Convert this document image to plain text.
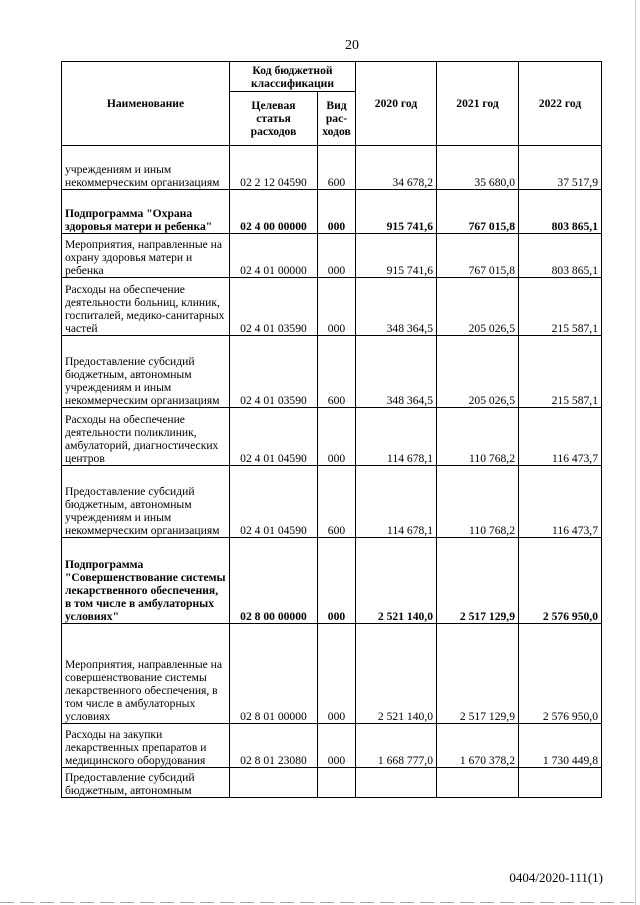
20
Наименование	Код бюджетной классификации		2020 год	2021 год	2022 год
	Целевая статья расходов	Вид рас-ходов			
учреждениям и иным некоммерческим организациям	02 2 12 04590	600	34 678,2	35 680,0	37 517,9
Подпрограмма "Охрана здоровья матери и ребенка"	02 4 00 00000	000	915 741,6	767 015,8	803 865,1
Мероприятия, направленные на охрану здоровья матери и ребенка	02 4 01 00000	000	915 741,6	767 015,8	803 865,1
Расходы на обеспечение деятельности больниц, клиник, госпиталей, медико-санитарных частей	02 4 01 03590	000	348 364,5	205 026,5	215 587,1
Предоставление субсидий бюджетным, автономным учреждениям и иным некоммерческим организациям	02 4 01 03590	600	348 364,5	205 026,5	215 587,1
Расходы на обеспечение деятельности поликлиник, амбулаторий, диагностических центров	02 4 01 04590	000	114 678,1	110 768,2	116 473,7
Предоставление субсидий бюджетным, автономным учреждениям и иным некоммерческим организациям	02 4 01 04590	600	114 678,1	110 768,2	116 473,7
Подпрограмма "Совершенствование системы лекарственного обеспечения, в том числе в амбулаторных условиях"	02 8 00 00000	000	2 521 140,0	2 517 129,9	2 576 950,0
Мероприятия, направленные на совершенствование системы лекарственного обеспечения, в том числе в амбулаторных условиях	02 8 01 00000	000	2 521 140,0	2 517 129,9	2 576 950,0
Расходы на закупки лекарственных препаратов и медицинского оборудования	02 8 01 23080	000	1 668 777,0	1 670 378,2	1 730 449,8
Предоставление субсидий бюджетным, автономным					
0404/2020-111(1)
